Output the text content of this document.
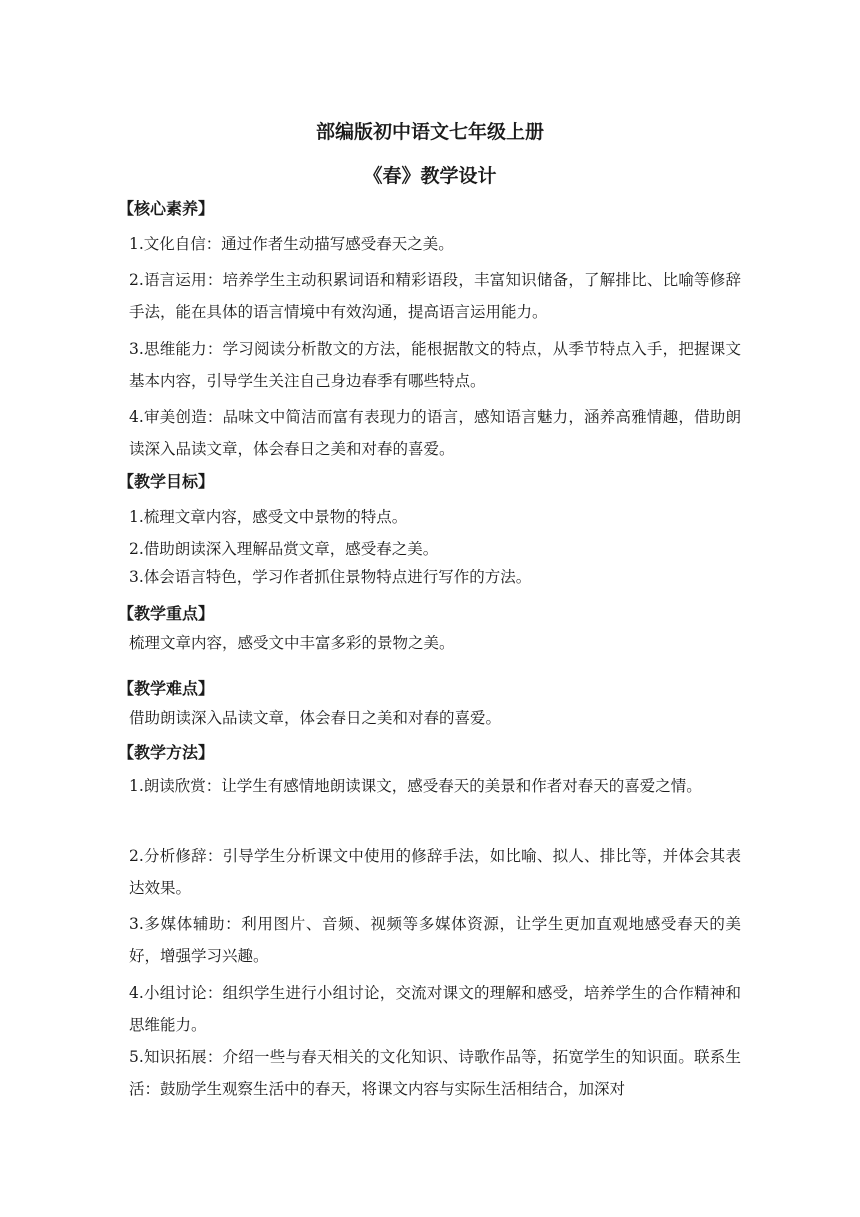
部编版初中语文七年级上册
《春》教学设计
【核心素养】
1.文化自信：通过作者生动描写感受春天之美。
2.语言运用：培养学生主动积累词语和精彩语段，丰富知识储备，了解排比、比喻等修辞手法，能在具体的语言情境中有效沟通，提高语言运用能力。
3.思维能力：学习阅读分析散文的方法，能根据散文的特点，从季节特点入手，把握课文基本内容，引导学生关注自己身边春季有哪些特点。
4.审美创造：品味文中简洁而富有表现力的语言，感知语言魅力，涵养高雅情趣，借助朗读深入品读文章，体会春日之美和对春的喜爱。
【教学目标】
1.梳理文章内容，感受文中景物的特点。
2.借助朗读深入理解品赏文章，感受春之美。
3.体会语言特色，学习作者抓住景物特点进行写作的方法。
【教学重点】
梳理文章内容，感受文中丰富多彩的景物之美。
【教学难点】
借助朗读深入品读文章，体会春日之美和对春的喜爱。
【教学方法】
1.朗读欣赏：让学生有感情地朗读课文，感受春天的美景和作者对春天的喜爱之情。
2.分析修辞：引导学生分析课文中使用的修辞手法，如比喻、拟人、排比等，并体会其表达效果。
3.多媒体辅助：利用图片、音频、视频等多媒体资源，让学生更加直观地感受春天的美好，增强学习兴趣。
4.小组讨论：组织学生进行小组讨论，交流对课文的理解和感受，培养学生的合作精神和思维能力。
5.知识拓展：介绍一些与春天相关的文化知识、诗歌作品等，拓宽学生的知识面。联系生活：鼓励学生观察生活中的春天，将课文内容与实际生活相结合，加深对
